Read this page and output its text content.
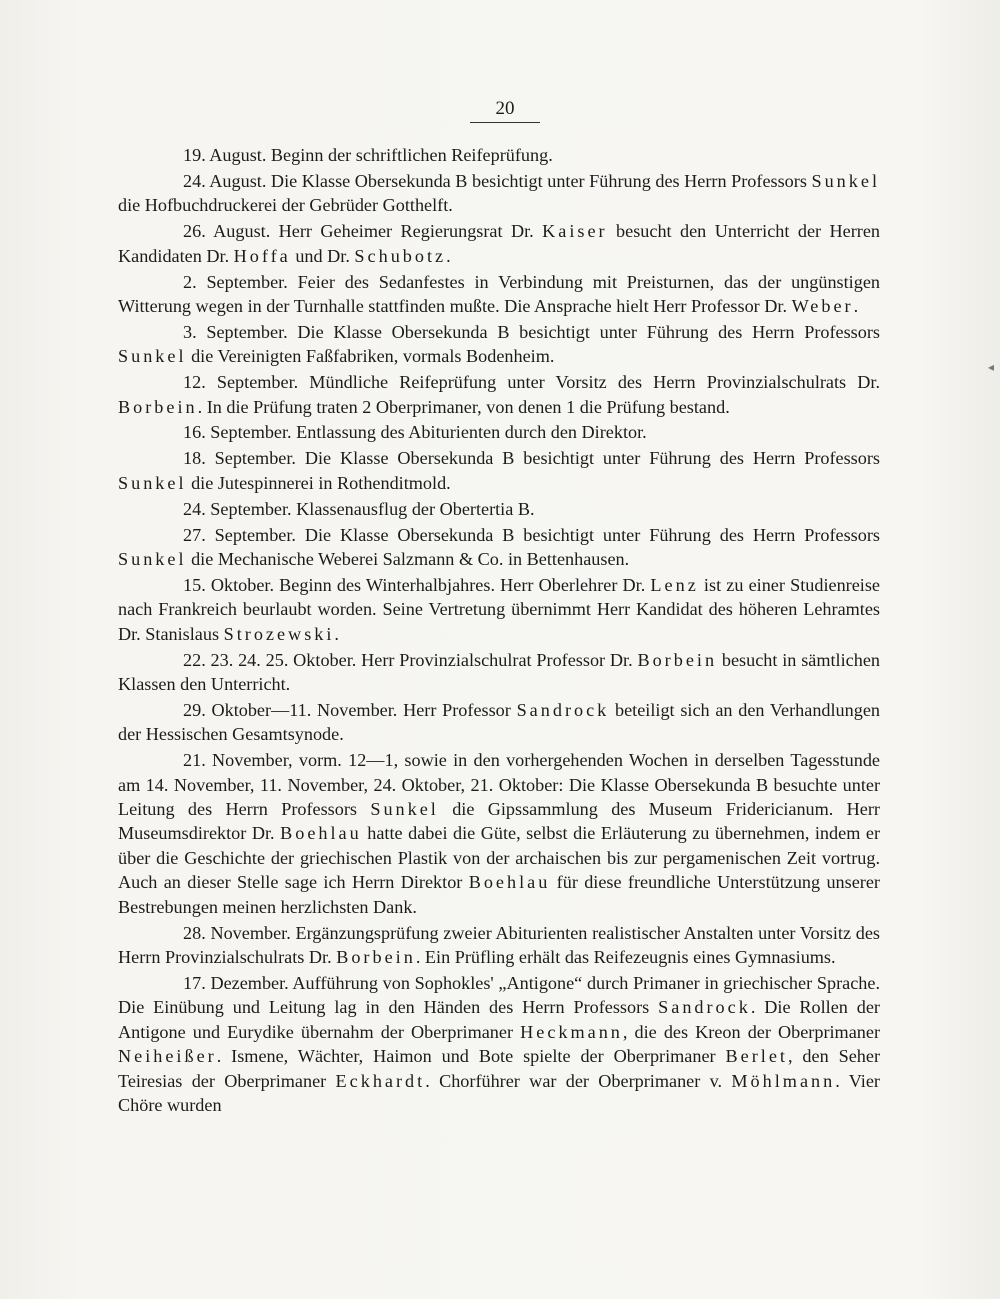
20

19. August. Beginn der schriftlichen Reifeprüfung.

24. August. Die Klasse Obersekunda B besichtigt unter Führung des Herrn Professors Sunkel die Hofbuchdruckerei der Gebrüder Gotthelft.

26. August. Herr Geheimer Regierungsrat Dr. Kaiser besucht den Unterricht der Herren Kandidaten Dr. Hoffa und Dr. Schubotz.

2. September. Feier des Sedanfestes in Verbindung mit Preisturnen, das der ungünstigen Witterung wegen in der Turnhalle stattfinden mußte. Die Ansprache hielt Herr Professor Dr. Weber.

3. September. Die Klasse Obersekunda B besichtigt unter Führung des Herrn Professors Sunkel die Vereinigten Faßfabriken, vormals Bodenheim.

12. September. Mündliche Reifeprüfung unter Vorsitz des Herrn Provinzialschulrats Dr. Borbein. In die Prüfung traten 2 Oberprimaner, von denen 1 die Prüfung bestand.

16. September. Entlassung des Abiturienten durch den Direktor.

18. September. Die Klasse Obersekunda B besichtigt unter Führung des Herrn Professors Sunkel die Jutespinnerei in Rothenditmold.

24. September. Klassenausflug der Obertertia B.

27. September. Die Klasse Obersekunda B besichtigt unter Führung des Herrn Professors Sunkel die Mechanische Weberei Salzmann & Co. in Bettenhausen.

15. Oktober. Beginn des Winterhalbjahres. Herr Oberlehrer Dr. Lenz ist zu einer Studienreise nach Frankreich beurlaubt worden. Seine Vertretung übernimmt Herr Kandidat des höheren Lehramtes Dr. Stanislaus Strozewski.

22. 23. 24. 25. Oktober. Herr Provinzialschulrat Professor Dr. Borbein besucht in sämtlichen Klassen den Unterricht.

29. Oktober—11. November. Herr Professor Sandrock beteiligt sich an den Verhandlungen der Hessischen Gesamtsynode.

21. November, vorm. 12—1, sowie in den vorhergehenden Wochen in derselben Tagesstunde am 14. November, 11. November, 24. Oktober, 21. Oktober: Die Klasse Obersekunda B besuchte unter Leitung des Herrn Professors Sunkel die Gipssammlung des Museum Fridericianum. Herr Museumsdirektor Dr. Boehlau hatte dabei die Güte, selbst die Erläuterung zu übernehmen, indem er über die Geschichte der griechischen Plastik von der archaischen bis zur pergamenischen Zeit vortrug. Auch an dieser Stelle sage ich Herrn Direktor Boehlau für diese freundliche Unterstützung unserer Bestrebungen meinen herzlichsten Dank.

28. November. Ergänzungsprüfung zweier Abiturienten realistischer Anstalten unter Vorsitz des Herrn Provinzialschulrats Dr. Borbein. Ein Prüfling erhält das Reifezeugnis eines Gymnasiums.

17. Dezember. Aufführung von Sophokles' „Antigone“ durch Primaner in griechischer Sprache. Die Einübung und Leitung lag in den Händen des Herrn Professors Sandrock. Die Rollen der Antigone und Eurydike übernahm der Oberprimaner Heckmann, die des Kreon der Oberprimaner Neiheißer. Ismene, Wächter, Haimon und Bote spielte der Oberprimaner Berlet, den Seher Teiresias der Oberprimaner Eckhardt. Chorführer war der Oberprimaner v. Möhlmann. Vier Chöre wurden

◂
